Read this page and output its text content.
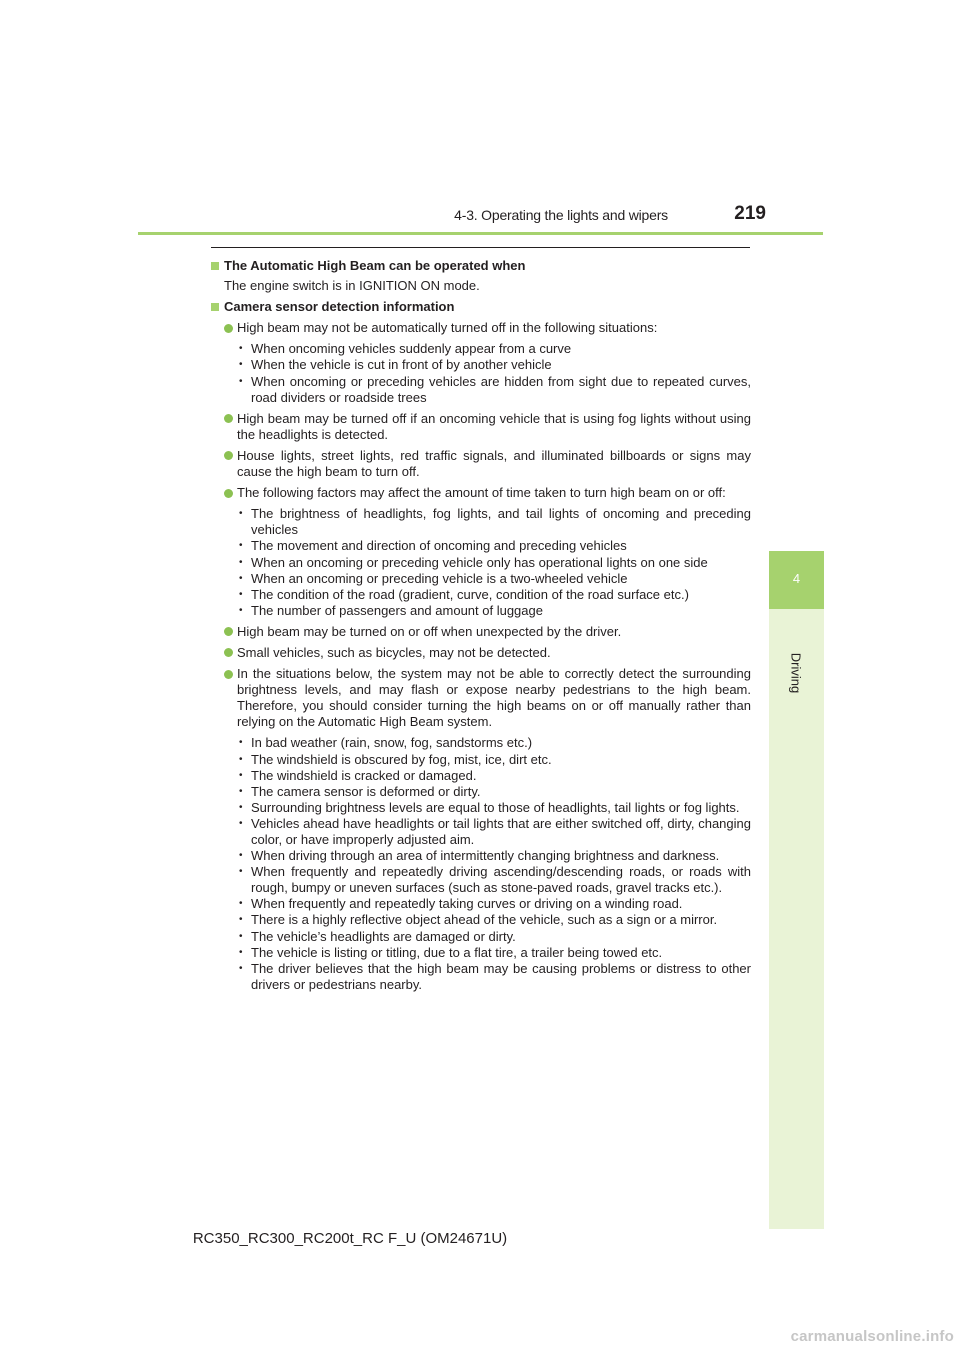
4-3. Operating the lights and wipers	219
4
Driving
The Automatic High Beam can be operated when
The engine switch is in IGNITION ON mode.
Camera sensor detection information
High beam may not be automatically turned off in the following situations:
• When oncoming vehicles suddenly appear from a curve
• When the vehicle is cut in front of by another vehicle
• When oncoming or preceding vehicles are hidden from sight due to repeated curves, road dividers or roadside trees
High beam may be turned off if an oncoming vehicle that is using fog lights without using the headlights is detected.
House lights, street lights, red traffic signals, and illuminated billboards or signs may cause the high beam to turn off.
The following factors may affect the amount of time taken to turn high beam on or off:
• The brightness of headlights, fog lights, and tail lights of oncoming and preceding vehicles
• The movement and direction of oncoming and preceding vehicles
• When an oncoming or preceding vehicle only has operational lights on one side
• When an oncoming or preceding vehicle is a two-wheeled vehicle
• The condition of the road (gradient, curve, condition of the road surface etc.)
• The number of passengers and amount of luggage
High beam may be turned on or off when unexpected by the driver.
Small vehicles, such as bicycles, may not be detected.
In the situations below, the system may not be able to correctly detect the surrounding brightness levels, and may flash or expose nearby pedestrians to the high beam. Therefore, you should consider turning the high beams on or off manually rather than relying on the Automatic High Beam system.
• In bad weather (rain, snow, fog, sandstorms etc.)
• The windshield is obscured by fog, mist, ice, dirt etc.
• The windshield is cracked or damaged.
• The camera sensor is deformed or dirty.
• Surrounding brightness levels are equal to those of headlights, tail lights or fog lights.
• Vehicles ahead have headlights or tail lights that are either switched off, dirty, changing color, or have improperly adjusted aim.
• When driving through an area of intermittently changing brightness and darkness.
• When frequently and repeatedly driving ascending/descending roads, or roads with rough, bumpy or uneven surfaces (such as stone-paved roads, gravel tracks etc.).
• When frequently and repeatedly taking curves or driving on a winding road.
• There is a highly reflective object ahead of the vehicle, such as a sign or a mirror.
• The vehicle’s headlights are damaged or dirty.
• The vehicle is listing or titling, due to a flat tire, a trailer being towed etc.
• The driver believes that the high beam may be causing problems or distress to other drivers or pedestrians nearby.
RC350_RC300_RC200t_RC F_U (OM24671U)
carmanualsonline.info
